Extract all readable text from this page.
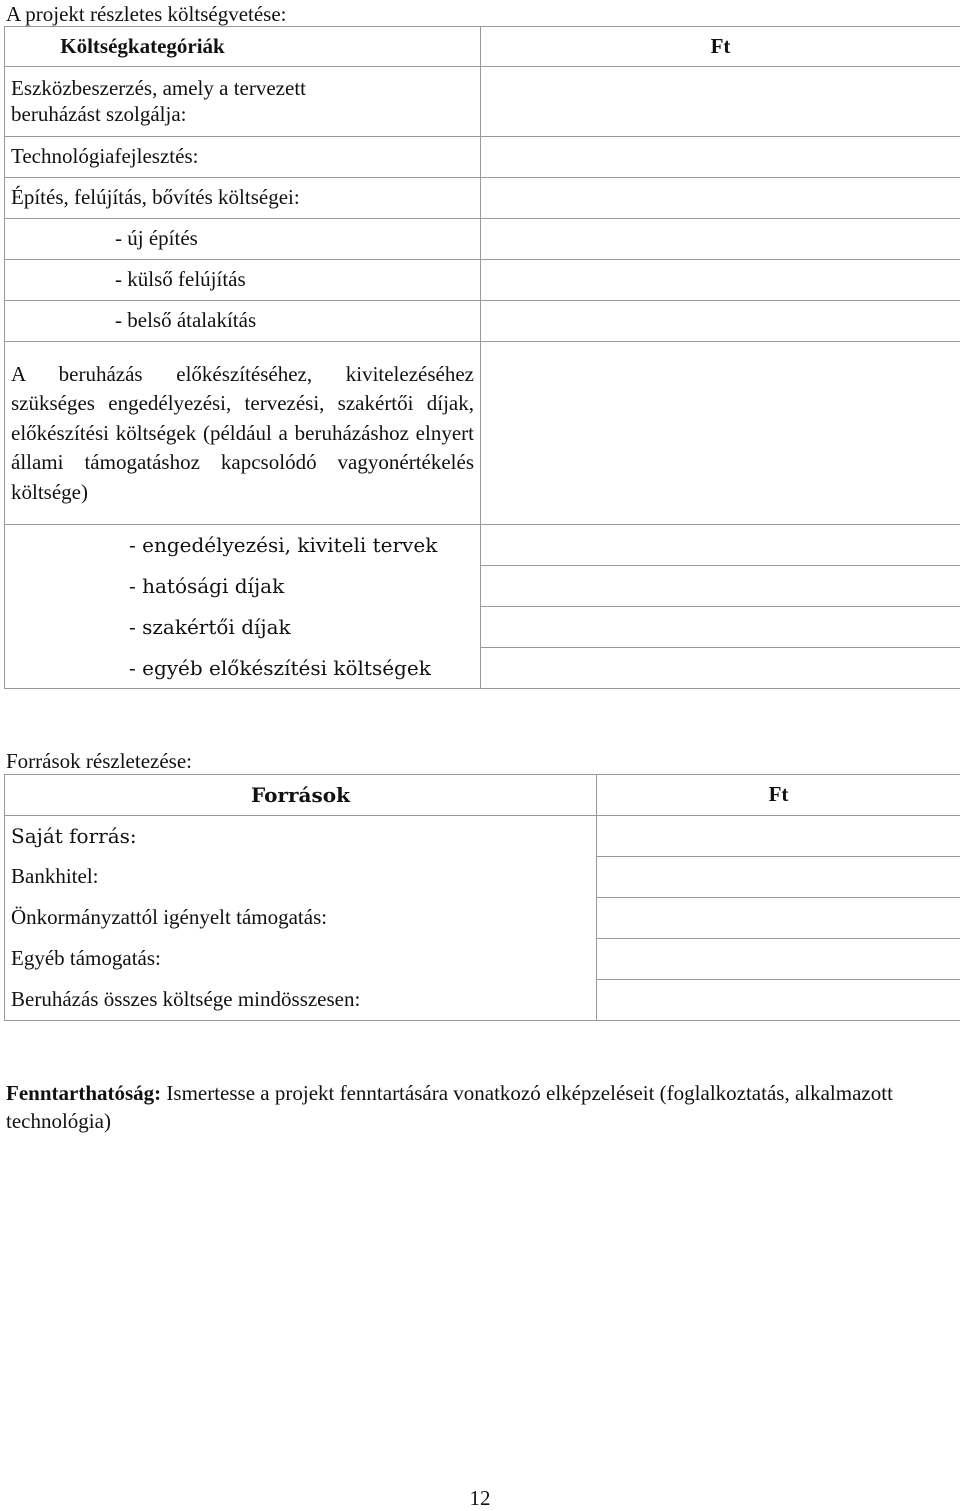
A projekt részletes költségvetése:
Költségkategóriák	Ft
Eszközbeszerzés, amely a tervezett beruházást szolgálja:	
Technológiafejlesztés:	
Építés, felújítás, bővítés költségei:	
- új építés	
- külső felújítás	
- belső átalakítás	
A beruházás előkészítéséhez, kivitelezéséhez szükséges engedélyezési, tervezési, szakértői díjak, előkészítési költségek (például a beruházáshoz elnyert állami támogatáshoz kapcsolódó vagyonértékelés költsége)	
- engedélyezési, kiviteli tervek	
- hatósági díjak	
- szakértői díjak	
- egyéb előkészítési költségek	
Források részletezése:
Források	Ft
Saját forrás:	
Bankhitel:	
Önkormányzattól igényelt támogatás:	
Egyéb támogatás:	
Beruházás összes költsége mindösszesen:	
Fenntarthatóság: Ismertesse a projekt fenntartására vonatkozó elképzeléseit (foglalkoztatás, alkalmazott technológia)
12
